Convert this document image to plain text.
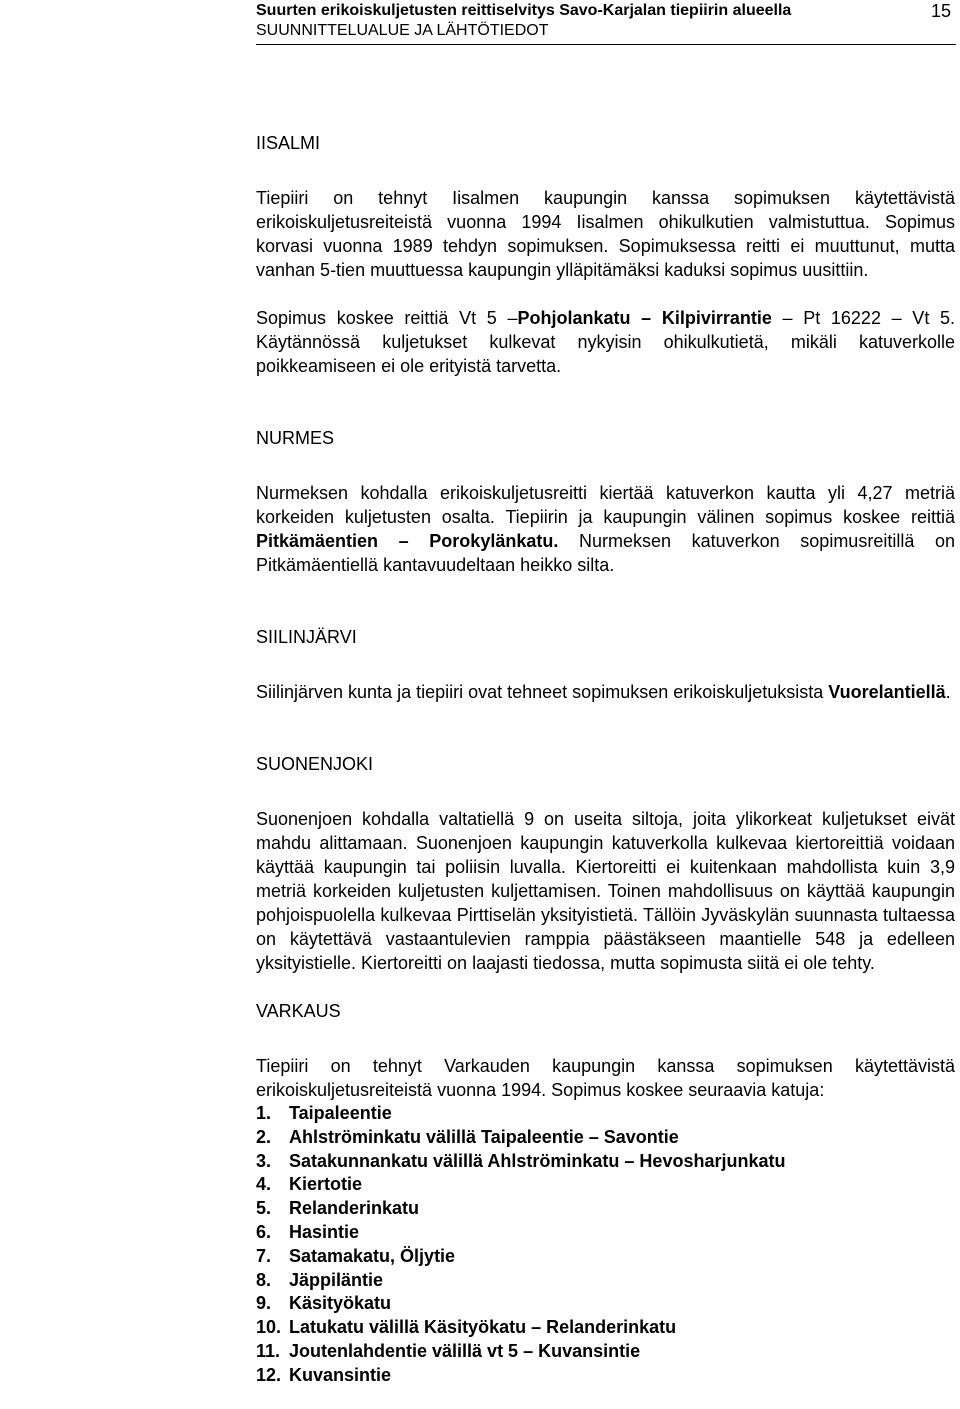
Suurten erikoiskuljetusten reittiselvitys Savo-Karjalan tiepiirin alueella
SUUNNITTELUALUE JA LÄHTÖTIEDOT
15
IISALMI

Tiepiiri on tehnyt Iisalmen kaupungin kanssa sopimuksen käytettävistä erikoiskuljetusreiteistä vuonna 1994 Iisalmen ohikulkutien valmistuttua. Sopimus korvasi vuonna 1989 tehdyn sopimuksen. Sopimuksessa reitti ei muuttunut, mutta vanhan 5-tien muuttuessa kaupungin ylläpitämäksi kaduksi sopimus uusittiin.

Sopimus koskee reittiä Vt 5 –Pohjolankatu – Kilpivirrantie – Pt 16222 – Vt 5. Käytännössä kuljetukset kulkevat nykyisin ohikulkutietä, mikäli katuverkolle poikkeamiseen ei ole erityistä tarvetta.

NURMES

Nurmeksen kohdalla erikoiskuljetusreitti kiertää katuverkon kautta yli 4,27 metriä korkeiden kuljetusten osalta. Tiepiirin ja kaupungin välinen sopimus koskee reittiä Pitkämäentien – Porokylänkatu. Nurmeksen katuverkon sopimusreitillä on Pitkämäentiellä kantavuudeltaan heikko silta.

SIILINJÄRVI

Siilinjärven kunta ja tiepiiri ovat tehneet sopimuksen erikoiskuljetuksista Vuorelantiellä.

SUONENJOKI

Suonenjoen kohdalla valtatiellä 9 on useita siltoja, joita ylikorkeat kuljetukset eivät mahdu alittamaan. Suonenjoen kaupungin katuverkolla kulkevaa kiertoreittiä voidaan käyttää kaupungin tai poliisin luvalla. Kiertoreitti ei kuitenkaan mahdollista kuin 3,9 metriä korkeiden kuljetusten kuljettamisen. Toinen mahdollisuus on käyttää kaupungin pohjoispuolella kulkevaa Pirttiselän yksityistietä. Tällöin Jyväskylän suunnasta tultaessa on käytettävä vastaantulevien ramppia päästäkseen maantielle 548 ja edelleen yksityistielle. Kiertoreitti on laajasti tiedossa, mutta sopimusta siitä ei ole tehty.

VARKAUS

Tiepiiri on tehnyt Varkauden kaupungin kanssa sopimuksen käytettävistä erikoiskuljetusreiteistä vuonna 1994. Sopimus koskee seuraavia katuja:

1. Taipaleentie
2. Ahlströminkatu välillä Taipaleentie – Savontie
3. Satakunnankatu välillä Ahlströminkatu – Hevosharjunkatu
4. Kiertotie
5. Relanderinkatu
6. Hasintie
7. Satamakatu, Öljytie
8. Jäppiläntie
9. Käsityökatu
10. Latukatu välillä Käsityökatu – Relanderinkatu
11. Joutenlahdentie välillä vt 5 – Kuvansintie
12. Kuvansintie
